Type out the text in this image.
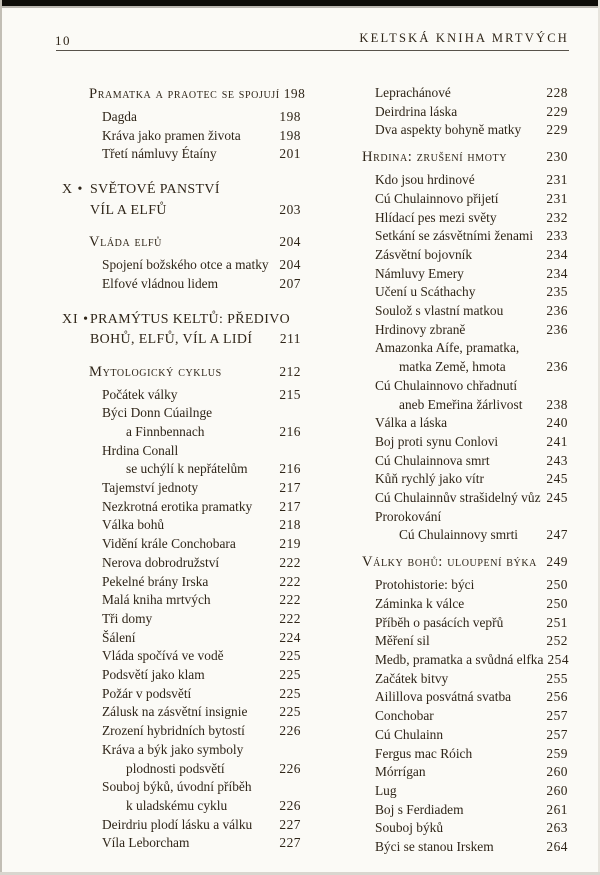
10	KELTSKÁ KNIHA MRTVÝCH
Pramatka a praotec se spojují 198
Dagda	198
Kráva jako pramen života	198
Třetí námluvy Étaíny	201
X • SVĚTOVÉ PANSTVÍ
VÍL A ELFŮ	203
Vláda elfů	204
Spojení božského otce a matky 204
Elfové vládnou lidem	207
XI • PRAMÝTUS KELTŮ: PŘEDIVO
BOHŮ, ELFŮ, VÍL A LIDÍ 211
Mytologický cyklus	212
Počátek války	215
Býci Donn Cúailnge
a Finnbennach	216
Hrdina Conall
se uchýlí k nepřátelům 216
Tajemství jednoty	217
Nezkrotná erotika pramatky 217
Válka bohů	218
Vidění krále Conchobara	219
Nerova dobrodružství	222
Pekelné brány Irska	222
Malá kniha mrtvých	222
Tři domy	222
Šálení	224
Vláda spočívá ve vodě	225
Podsvětí jako klam	225
Požár v podsvětí	225
Zálusk na zásvětní insignie 225
Zrození hybridních bytostí	226
Kráva a býk jako symboly
plodnosti podsvětí	226
Souboj býků, úvodní příběh
k uladskému cyklu	226
Deirdriu plodí lásku a válku 227
Víla Leborcham	227
Leprachánové	228
Deirdrina láska	229
Dva aspekty bohyně matky 229
Hrdina: zrušení hmoty	230
Kdo jsou hrdinové	231
Cú Chulainnovo přijetí	231
Hlídací pes mezi světy	232
Setkání se zásvětními ženami 233
Zásvětní bojovník	234
Námluvy Emery	234
Učení u Scáthachy	235
Soulož s vlastní matkou	236
Hrdinovy zbraně	236
Amazonka Aífe, pramatka,
matka Země, hmota	236
Cú Chulainnovo chřadnutí
aneb Emeřina žárlivost 238
Válka a láska	240
Boj proti synu Conlovi	241
Cú Chulainnova smrt	243
Kůň rychlý jako vítr	245
Cú Chulainnův strašidelný vůz 245
Prorokování
Cú Chulainnovy smrti 247
Války bohů: uloupení býka 249
Protohistorie: býci	250
Záminka k válce	250
Příběh o pasácích vepřů	251
Měření sil	252
Medb, pramatka a svůdná elfka 254
Začátek bitvy	255
Ailillova posvátná svatba	256
Conchobar	257
Cú Chulainn	257
Fergus mac Róich	259
Mórrígan	260
Lug	260
Boj s Ferdiadem	261
Souboj býků	263
Býci se stanou Irskem	264
